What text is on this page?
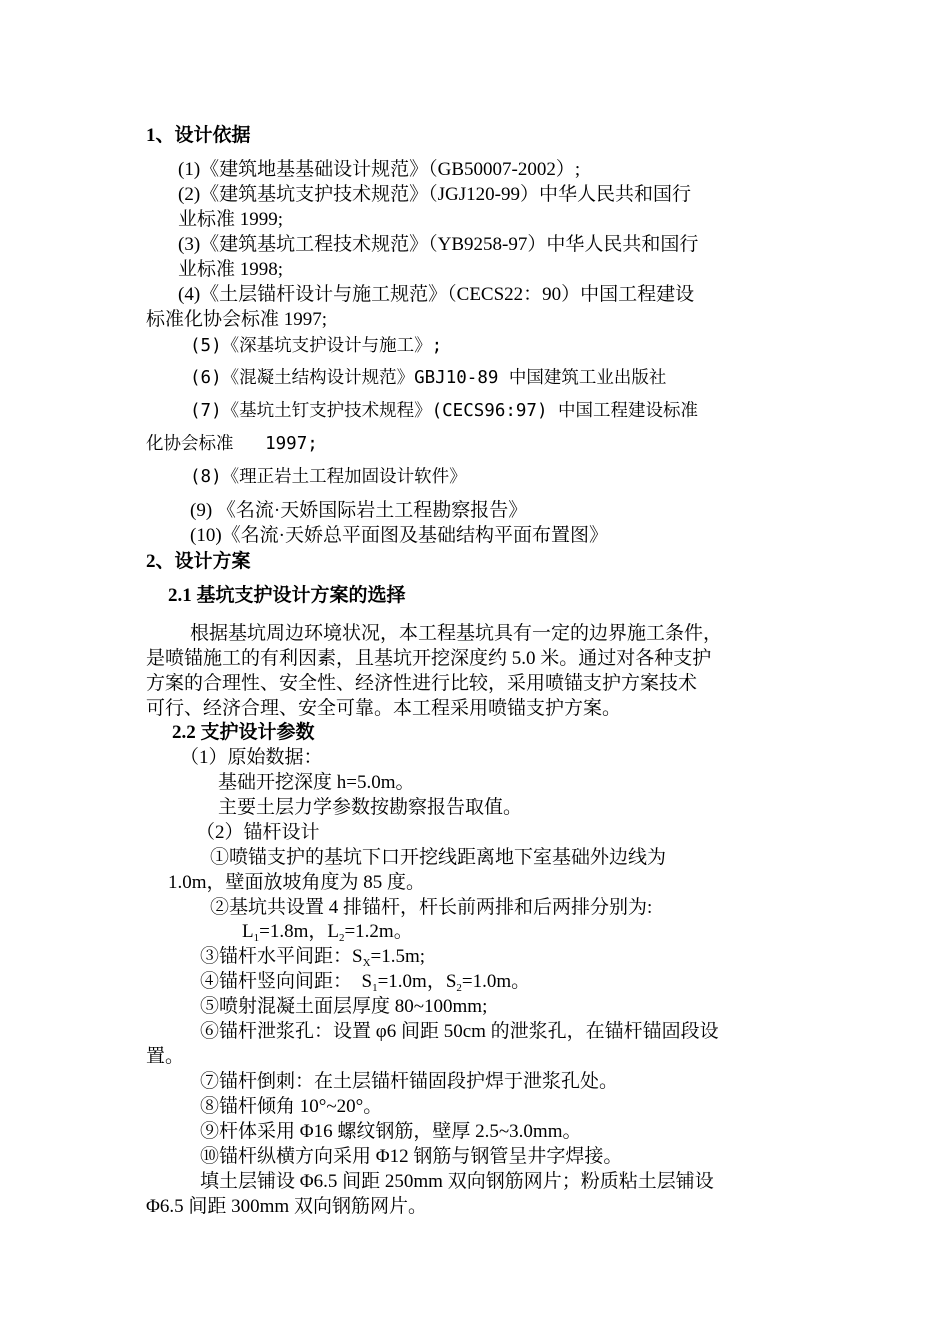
1、设计依据
(1)《建筑地基基础设计规范》（GB50007-2002）;
(2)《建筑基坑支护技术规范》（JGJ120-99）中华人民共和国行
业标准 1999;
(3)《建筑基坑工程技术规范》（YB9258-97）中华人民共和国行
业标准 1998;
(4)《土层锚杆设计与施工规范》（CECS22：90）中国工程建设
标准化协会标准 1997;
(5)《深基坑支护设计与施工》;
(6)《混凝土结构设计规范》GBJ10-89 中国建筑工业出版社
(7)《基坑土钉支护技术规程》(CECS96:97) 中国工程建设标准
化协会标准   1997;
(8)《理正岩土工程加固设计软件》
(9) 《名流·天娇国际岩土工程勘察报告》
(10)《名流·天娇总平面图及基础结构平面布置图》
2、设计方案
2.1 基坑支护设计方案的选择
根据基坑周边环境状况，本工程基坑具有一定的边界施工条件，
是喷锚施工的有利因素，且基坑开挖深度约 5.0 米。通过对各种支护
方案的合理性、安全性、经济性进行比较，采用喷锚支护方案技术
可行、经济合理、安全可靠。本工程采用喷锚支护方案。
2.2 支护设计参数
（1）原始数据：
基础开挖深度 h=5.0m。
主要土层力学参数按勘察报告取值。
（2）锚杆设计
①喷锚支护的基坑下口开挖线距离地下室基础外边线为
1.0m，壁面放坡角度为 85 度。
②基坑共设置 4 排锚杆，杆长前两排和后两排分别为:
$L_1=1.8m$，$L_2=1.2m$。
③锚杆水平间距：$S_X=1.5m$;
④锚杆竖向间距：  $S_1=1.0m$，$S_2=1.0m$。
⑤喷射混凝土面层厚度 80~100mm;
⑥锚杆泄浆孔：设置 φ6 间距 50cm 的泄浆孔，在锚杆锚固段设
置。
⑦锚杆倒刺：在土层锚杆锚固段护焊于泄浆孔处。
⑧锚杆倾角 10°~20°。
⑨杆体采用 Φ16 螺纹钢筋，壁厚 2.5~3.0mm。
⑩锚杆纵横方向采用 Φ12 钢筋与钢管呈井字焊接。
填土层铺设 Φ6.5 间距 250mm 双向钢筋网片；粉质粘土层铺设
Φ6.5 间距 300mm 双向钢筋网片。
